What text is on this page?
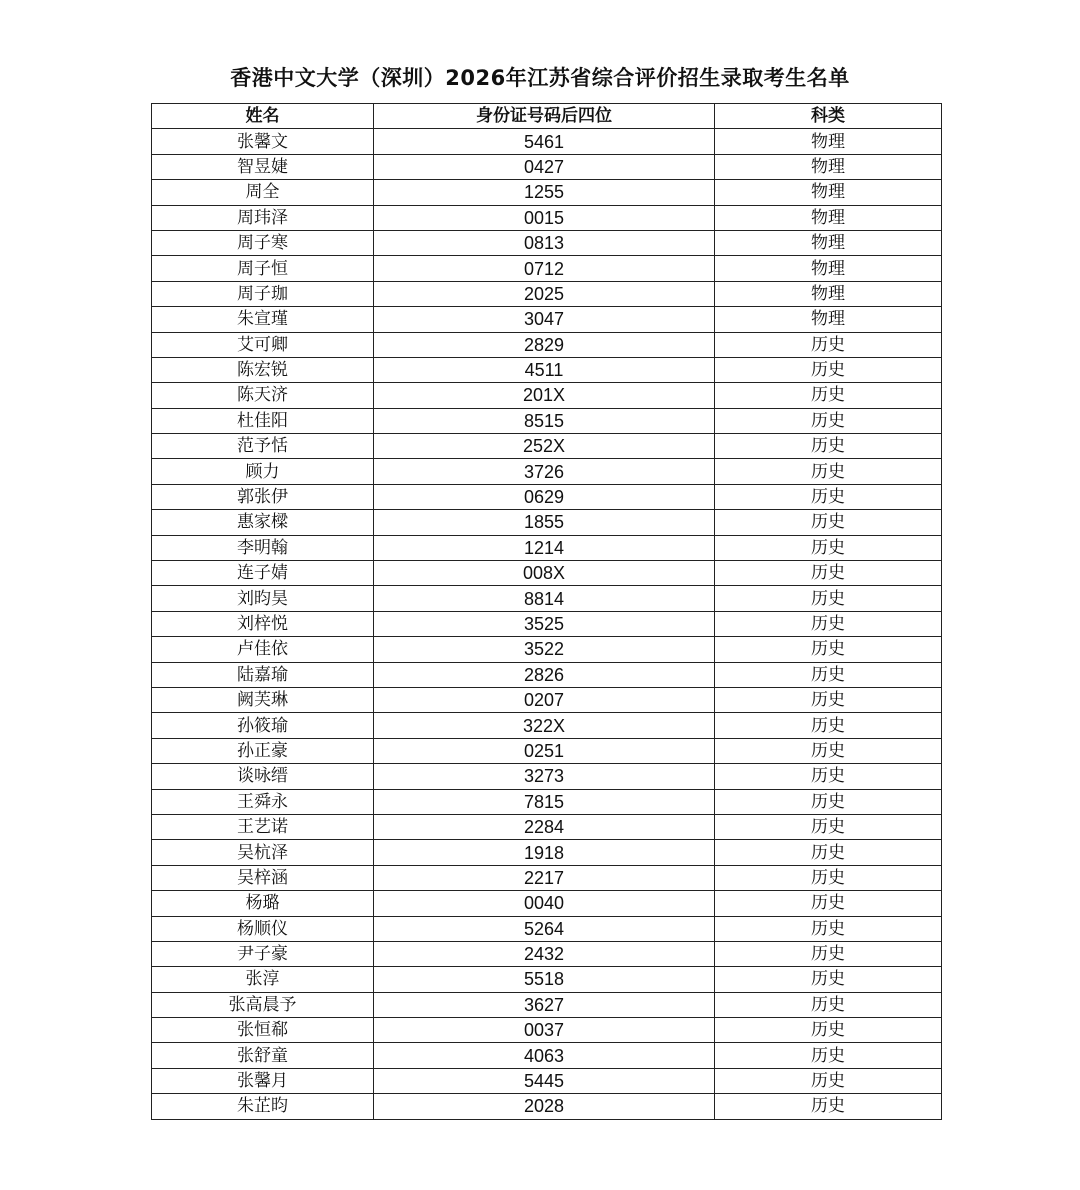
香港中文大学（深圳）2026年江苏省综合评价招生录取考生名单
姓名	身份证号码后四位	科类
张馨文	5461	物理
智昱婕	0427	物理
周全	1255	物理
周玮泽	0015	物理
周子寒	0813	物理
周子恒	0712	物理
周子珈	2025	物理
朱宣瑾	3047	物理
艾可卿	2829	历史
陈宏锐	4511	历史
陈天济	201X	历史
杜佳阳	8515	历史
范予恬	252X	历史
顾力	3726	历史
郭张伊	0629	历史
惠家樑	1855	历史
李明翰	1214	历史
连子婧	008X	历史
刘昀昊	8814	历史
刘梓悦	3525	历史
卢佳依	3522	历史
陆嘉瑜	2826	历史
阙芙琳	0207	历史
孙筱瑜	322X	历史
孙正豪	0251	历史
谈咏缙	3273	历史
王舜永	7815	历史
王艺诺	2284	历史
吴杭泽	1918	历史
吴梓涵	2217	历史
杨璐	0040	历史
杨顺仪	5264	历史
尹子豪	2432	历史
张淳	5518	历史
张高晨予	3627	历史
张恒郗	0037	历史
张舒童	4063	历史
张馨月	5445	历史
朱芷昀	2028	历史
